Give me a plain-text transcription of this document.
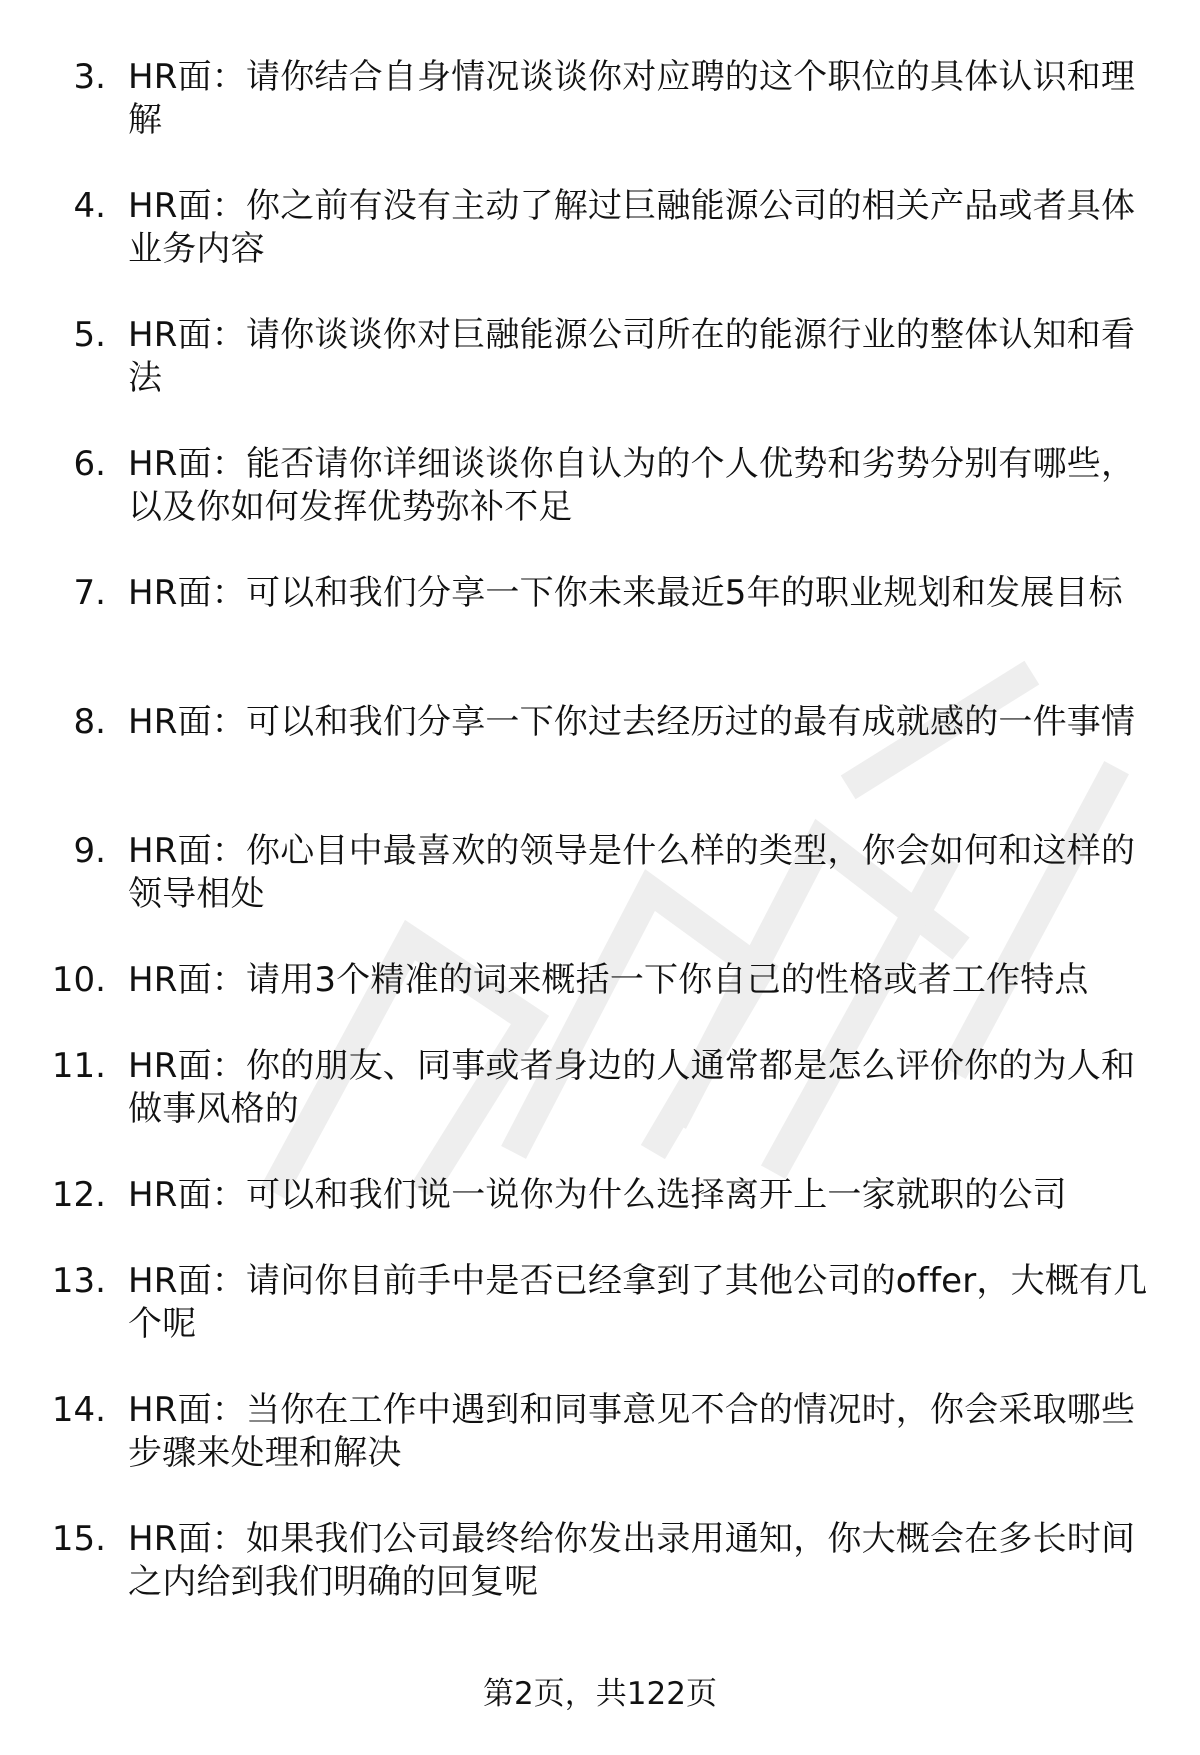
3. HR面：请你结合自身情况谈谈你对应聘的这个职位的具体认识和理解
4. HR面：你之前有没有主动了解过巨融能源公司的相关产品或者具体业务内容
5. HR面：请你谈谈你对巨融能源公司所在的能源行业的整体认知和看法
6. HR面：能否请你详细谈谈你自认为的个人优势和劣势分别有哪些，以及你如何发挥优势弥补不足
7. HR面：可以和我们分享一下你未来最近5年的职业规划和发展目标
8. HR面：可以和我们分享一下你过去经历过的最有成就感的一件事情
9. HR面：你心目中最喜欢的领导是什么样的类型，你会如何和这样的领导相处
10. HR面：请用3个精准的词来概括一下你自己的性格或者工作特点
11. HR面：你的朋友、同事或者身边的人通常都是怎么评价你的为人和做事风格的
12. HR面：可以和我们说一说你为什么选择离开上一家就职的公司
13. HR面：请问你目前手中是否已经拿到了其他公司的offer，大概有几个呢
14. HR面：当你在工作中遇到和同事意见不合的情况时，你会采取哪些步骤来处理和解决
15. HR面：如果我们公司最终给你发出录用通知，你大概会在多长时间之内给到我们明确的回复呢
第2页，共122页
